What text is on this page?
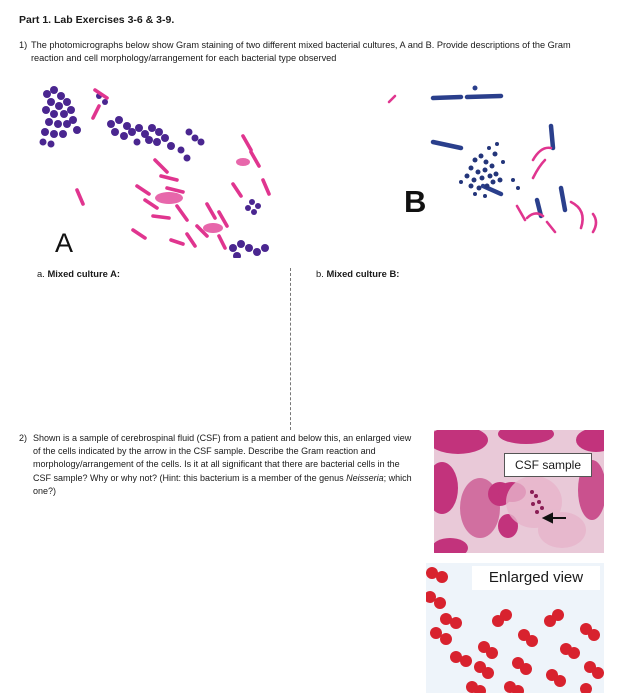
Part 1. Lab Exercises 3-6 & 3-9.
1) The photomicrographs below show Gram staining of two different mixed bacterial cultures, A and B. Provide descriptions of the Gram reaction and cell morphology/arrangement for each bacterial type observed
A
B
a. Mixed culture A:	b. Mixed culture B:
2) Shown is a sample of cerebrospinal fluid (CSF) from a patient and below this, an enlarged view of the cells indicated by the arrow in the CSF sample. Describe the Gram reaction and morphology/arrangement of the cells. Is it at all significant that there are bacterial cells in the CSF sample? Why or why not? (Hint: this bacterium is a member of the genus Neisseria; which one?)
CSF sample
Enlarged view
